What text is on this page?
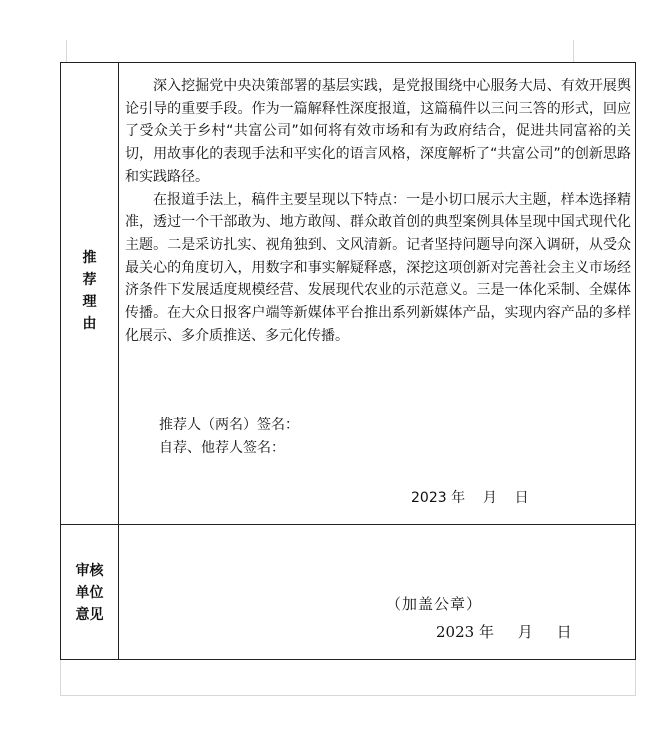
推
荐
理
由

深入挖掘党中央决策部署的基层实践，是党报围绕中心服务大局、有效开展舆论引导的重要手段。作为一篇解释性深度报道，这篇稿件以三问三答的形式，回应了受众关于乡村“共富公司”如何将有效市场和有为政府结合，促进共同富裕的关切，用故事化的表现手法和平实化的语言风格，深度解析了“共富公司”的创新思路和实践路径。

在报道手法上，稿件主要呈现以下特点：一是小切口展示大主题，样本选择精准，透过一个干部敢为、地方敢闯、群众敢首创的典型案例具体呈现中国式现代化主题。二是采访扎实、视角独到、文风清新。记者坚持问题导向深入调研，从受众最关心的角度切入，用数字和事实解疑释惑，深挖这项创新对完善社会主义市场经济条件下发展适度规模经营、发展现代农业的示范意义。三是一体化采制、全媒体传播。在大众日报客户端等新媒体平台推出系列新媒体产品，实现内容产品的多样化展示、多介质推送、多元化传播。

推荐人（两名）签名：
自荐、他荐人签名：
2023 年    月    日
审核
单位
意见
（加盖公章）
2023 年     月     日
